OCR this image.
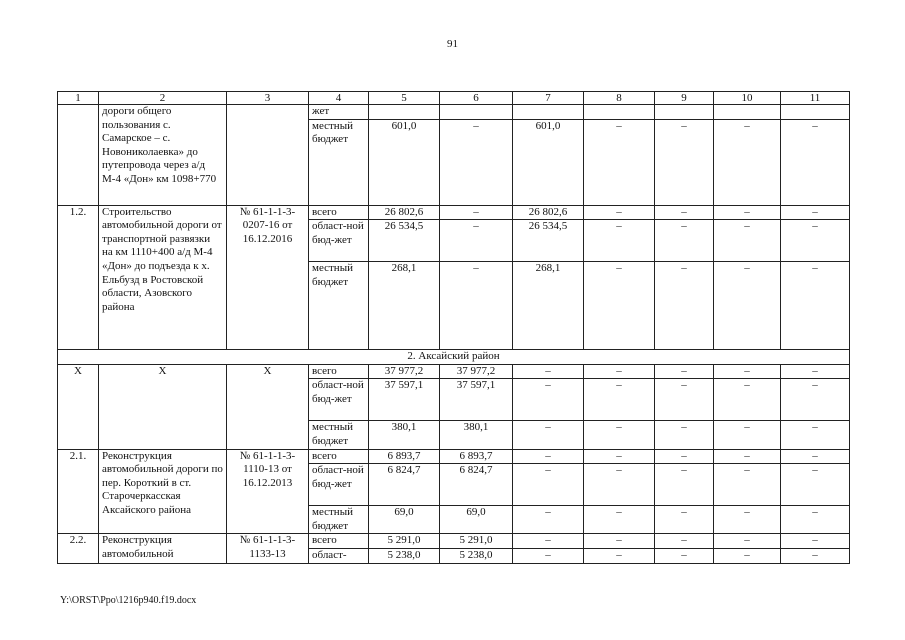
91
1	2	3	4	5	6	7	8	9	10	11
	дороги общего пользования с. Самарское – с. Новониколаевка» до путепровода через а/д М-4 «Дон» км 1098+770		жет							
			местный бюджет	601,0	–	601,0	–	–	–	–
1.2.	Строительство автомобильной дороги от транспортной развязки на км 1110+400 а/д М-4 «Дон» до подъезда к х. Ельбузд в Ростовской области, Азовского района	№ 61-1-1-3-0207-16 от 16.12.2016	всего	26 802,6	–	26 802,6	–	–	–	–
			област-ной бюд-жет	26 534,5	–	26 534,5	–	–	–	–
			местный бюджет	268,1	–	268,1	–	–	–	–
2. Аксайский район										
Х	Х	Х	всего	37 977,2	37 977,2	–	–	–	–	–
			област-ной бюд-жет	37 597,1	37 597,1	–	–	–	–	–
			местный бюджет	380,1	380,1	–	–	–	–	–
2.1.	Реконструкция автомобильной дороги по пер. Короткий в ст. Старочеркасская Аксайского района	№ 61-1-1-3-1110-13 от 16.12.2013	всего	6 893,7	6 893,7	–	–	–	–	–
			област-ной бюд-жет	6 824,7	6 824,7	–	–	–	–	–
			местный бюджет	69,0	69,0	–	–	–	–	–
2.2.	Реконструкция автомобильной	№ 61-1-1-3-1133-13	всего	5 291,0	5 291,0	–	–	–	–	–
			област-	5 238,0	5 238,0	–	–	–	–	–
Y:\ORST\Ppo\1216p940.f19.docx
